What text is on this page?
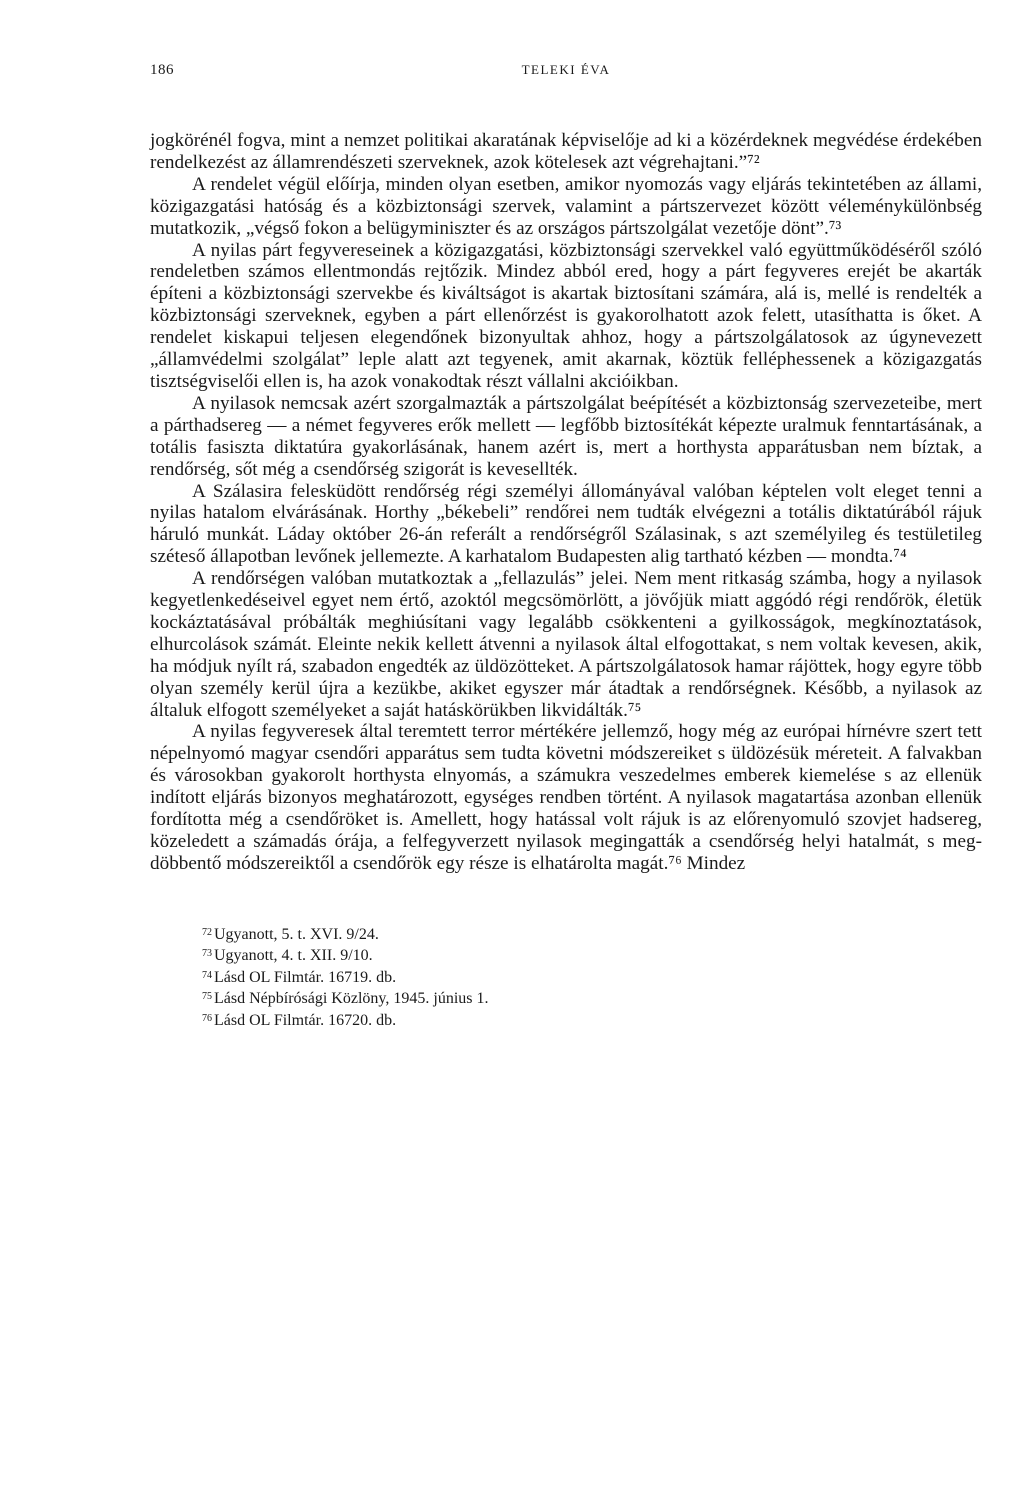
186	TELEKI ÉVA

jogkörénél fogva, mint a nemzet politikai akaratának képviselője ad ki a közérdeknek megvédése érdekében rendelkezést az államrendészeti szerveknek, azok kötelesek azt végrehajtani.”⁷²

A rendelet végül előírja, minden olyan esetben, amikor nyomozás vagy eljárás tekintetében az állami, közigazgatási hatóság és a közbiztonsági szervek, valamint a pártszervezet között véleménykülönbség mutatkozik, „végső fokon a belügyminiszter és az országos pártszolgálat vezetője dönt”.⁷³

A nyilas párt fegyvereseinek a közigazgatási, közbiztonsági szervekkel való együttműködéséről szóló rendeletben számos ellentmondás rejtőzik. Mindez abból ered, hogy a párt fegyveres erejét be akarták építeni a közbiztonsági szervekbe és kiváltságot is akartak biztosítani számára, alá is, mellé is rendelték a közbiztonsági szerveknek, egyben a párt ellenőrzést is gyakorolhatott azok felett, utasíthatta is őket. A rendelet kiskapui teljesen elegendőnek bizonyultak ahhoz, hogy a pártszolgálatosok az úgynevezett „államvédelmi szolgálat” leple alatt azt tegyenek, amit akarnak, köztük felléphessenek a közigazgatás tisztségviselői ellen is, ha azok vonakodtak részt vállalni akcióikban.

A nyilasok nemcsak azért szorgalmazták a pártszolgálat beépítését a közbiztonság szervezeteibe, mert a párthadsereg — a német fegyveres erők mellett — legfőbb biztosítékát képezte uralmuk fenntartásának, a totális fasiszta diktatúra gyakorlásának, hanem azért is, mert a horthysta apparátusban nem bíztak, a rendőrség, sőt még a csendőrség szigorát is kevesellték.

A Szálasira felesküdött rendőrség régi személyi állományával valóban képtelen volt eleget tenni a nyilas hatalom elvárásának. Horthy „békebeli” rendőrei nem tudták elvégezni a totális diktatúrából rájuk háruló munkát. Láday október 26-án referált a rendőrségről Szálasinak, s azt személyileg és testületileg széteső állapotban levőnek jellemezte. A karhatalom Budapesten alig tartható kézben — mondta.⁷⁴

A rendőrségen valóban mutatkoztak a „fellazulás” jelei. Nem ment ritkaság számba, hogy a nyilasok kegyetlenkedéseivel egyet nem értő, azoktól megcsömörlött, a jövőjük miatt aggódó régi rendőrök, életük kockáztatásával próbálták meghiúsítani vagy legalább csökkenteni a gyilkosságok, megkínoztatások, elhurcolások számát. Eleinte nekik kellett átvenni a nyilasok által elfogottakat, s nem voltak kevesen, akik, ha módjuk nyílt rá, szabadon engedték az üldözötteket. A pártszolgálatosok hamar rájöttek, hogy egyre több olyan személy kerül újra a kezükbe, akiket egyszer már átadtak a rendőrségnek. Később, a nyilasok az általuk elfogott személyeket a saját hatáskörükben likvidálták.⁷⁵

A nyilas fegyveresek által teremtett terror mértékére jellemző, hogy még az európai hírnévre szert tett népelnyomó magyar csendőri apparátus sem tudta követni módszereiket s üldözésük méreteit. A falvakban és városokban gyakorolt horthysta elnyomás, a számukra veszedelmes emberek kiemelése s az ellenük indított eljárás bizonyos meghatározott, egységes rendben történt. A nyilasok magatartása azonban ellenük fordította még a csendőröket is. Amellett, hogy hatással volt rájuk is az előrenyomuló szovjet hadsereg, közeledett a számadás órája, a felfegyverzett nyilasok megingatták a csendőrség helyi hatalmát, s megdöbbentő módszereiktől a csendőrök egy része is elhatárolta magát.⁷⁶ Mindez

$^{72}$ Ugyanott, 5. t. XVI. 9/24.

$^{73}$ Ugyanott, 4. t. XII. 9/10.

$^{74}$ Lásd OL Filmtár. 16719. db.

$^{75}$ Lásd Népbírósági Közlöny, 1945. június 1.

$^{76}$ Lásd OL Filmtár. 16720. db.
